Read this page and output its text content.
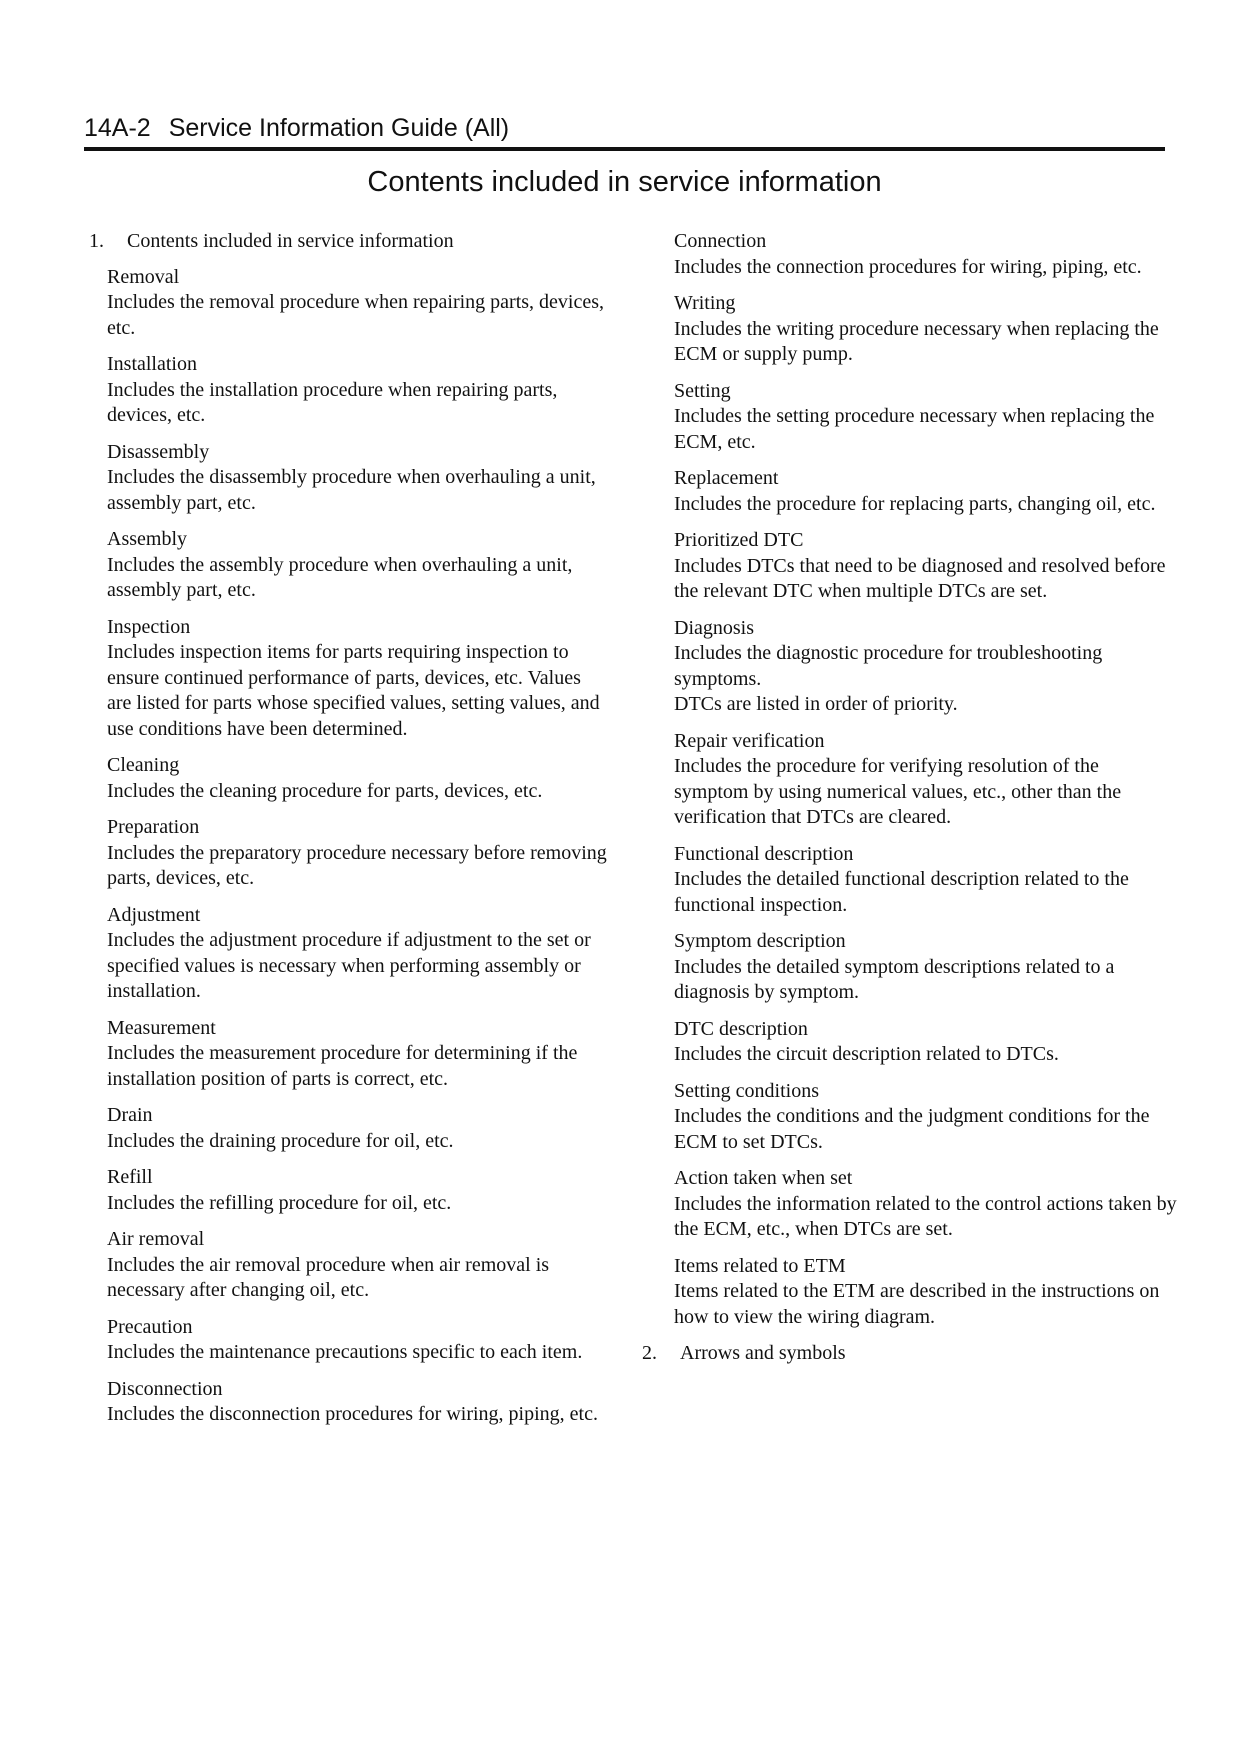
14A-2 Service Information Guide (All)
Contents included in service information
1.	Contents included in service information
Removal
Includes the removal procedure when repairing parts, devices, etc.
Installation
Includes the installation procedure when repairing parts, devices, etc.
Disassembly
Includes the disassembly procedure when overhauling a unit, assembly part, etc.
Assembly
Includes the assembly procedure when overhauling a unit, assembly part, etc.
Inspection
Includes inspection items for parts requiring inspection to ensure continued performance of parts, devices, etc. Values are listed for parts whose specified values, setting values, and use conditions have been determined.
Cleaning
Includes the cleaning procedure for parts, devices, etc.
Preparation
Includes the preparatory procedure necessary before removing parts, devices, etc.
Adjustment
Includes the adjustment procedure if adjustment to the set or specified values is necessary when performing assembly or installation.
Measurement
Includes the measurement procedure for determining if the installation position of parts is correct, etc.
Drain
Includes the draining procedure for oil, etc.
Refill
Includes the refilling procedure for oil, etc.
Air removal
Includes the air removal procedure when air removal is necessary after changing oil, etc.
Precaution
Includes the maintenance precautions specific to each item.
Disconnection
Includes the disconnection procedures for wiring, piping, etc.
Connection
Includes the connection procedures for wiring, piping, etc.
Writing
Includes the writing procedure necessary when replacing the ECM or supply pump.
Setting
Includes the setting procedure necessary when replacing the ECM, etc.
Replacement
Includes the procedure for replacing parts, changing oil, etc.
Prioritized DTC
Includes DTCs that need to be diagnosed and resolved before the relevant DTC when multiple DTCs are set.
Diagnosis
Includes the diagnostic procedure for troubleshooting symptoms.
DTCs are listed in order of priority.
Repair verification
Includes the procedure for verifying resolution of the symptom by using numerical values, etc., other than the verification that DTCs are cleared.
Functional description
Includes the detailed functional description related to the functional inspection.
Symptom description
Includes the detailed symptom descriptions related to a diagnosis by symptom.
DTC description
Includes the circuit description related to DTCs.
Setting conditions
Includes the conditions and the judgment conditions for the ECM to set DTCs.
Action taken when set
Includes the information related to the control actions taken by the ECM, etc., when DTCs are set.
Items related to ETM
Items related to the ETM are described in the instructions on how to view the wiring diagram.
2.	Arrows and symbols
